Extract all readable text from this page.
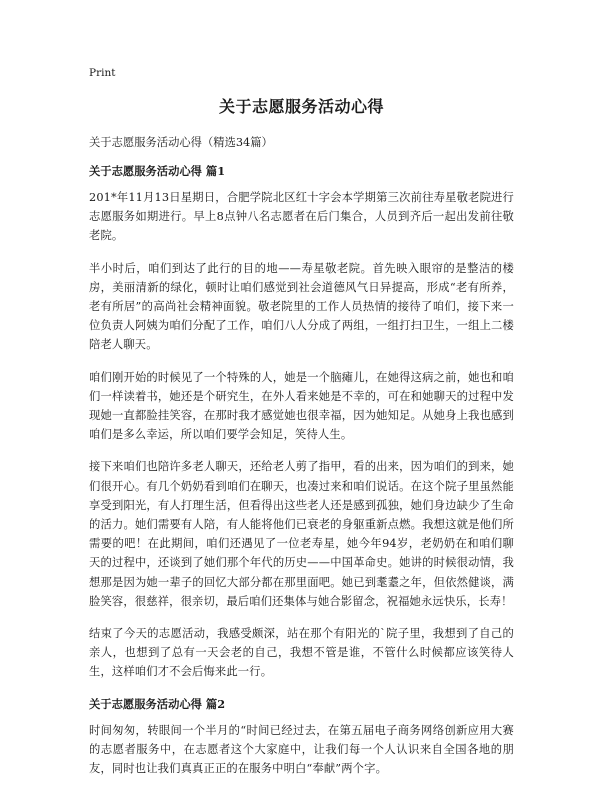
Print
关于志愿服务活动心得

关于志愿服务活动心得（精选34篇）

关于志愿服务活动心得 篇1

201*年11月13日星期日，合肥学院北区红十字会本学期第三次前往寿星敬老院进行志愿服务如期进行。早上8点钟八名志愿者在后门集合，人员到齐后一起出发前往敬老院。

半小时后，咱们到达了此行的目的地——寿星敬老院。首先映入眼帘的是整洁的楼房，美丽清新的绿化，顿时让咱们感觉到社会道德风气日异提高，形成“老有所养，老有所居”的高尚社会精神面貌。敬老院里的工作人员热情的接待了咱们，接下来一位负责人阿姨为咱们分配了工作，咱们八人分成了两组，一组打扫卫生，一组上二楼陪老人聊天。

咱们刚开始的时候见了一个特殊的人，她是一个脑瘫儿，在她得这病之前，她也和咱们一样读着书，她还是个研究生，在外人看来她是不幸的，可在和她聊天的过程中发现她一直都脸挂笑容，在那时我才感觉她也很幸福，因为她知足。从她身上我也感到咱们是多么幸运，所以咱们要学会知足，笑待人生。

接下来咱们也陪许多老人聊天，还给老人剪了指甲，看的出来，因为咱们的到来，她们很开心。有几个奶奶看到咱们在聊天，也凑过来和咱们说话。在这个院子里虽然能享受到阳光，有人打理生活，但看得出这些老人还是感到孤独，她们身边缺少了生命的活力。她们需要有人陪，有人能将他们已衰老的身躯重新点燃。我想这就是他们所需要的吧！在此期间，咱们还遇见了一位老寿星，她今年94岁，老奶奶在和咱们聊天的过程中，还谈到了她们那个年代的历史——中国革命史。她讲的时候很动情，我想那是因为她一辈子的回忆大部分都在那里面吧。她已到耄耋之年，但依然健谈，满脸笑容，很慈祥，很亲切，最后咱们还集体与她合影留念，祝福她永远快乐，长寿！

结束了今天的志愿活动，我感受颇深，站在那个有阳光的`院子里，我想到了自己的亲人，也想到了总有一天会老的自己，我想不管是谁，不管什么时候都应该笑待人生，这样咱们才不会后悔来此一行。

关于志愿服务活动心得 篇2

时间匆匆，转眼间一个半月的“时间已经过去，在第五届电子商务网络创新应用大赛的志愿者服务中，在志愿者这个大家庭中，让我们每一个人认识来自全国各地的朋友，同时也让我们真真正正的在服务中明白“奉献”两个字。
